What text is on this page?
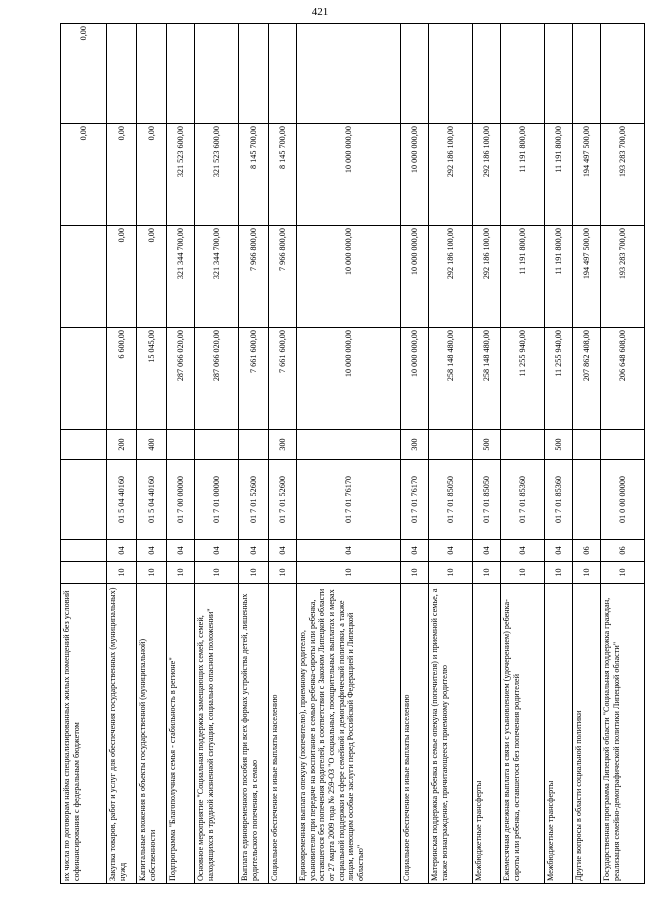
421
их числа по договорам найма специализированных жилых помещений без условий софинансирования с федеральным бюджетом							0,00	0,00
Закупка товаров, работ и услуг для обеспечения государственных (муниципальных) нужд	10	04	01 5 04 40160	200	6 600,00	0,00	0,00	
Капитальные вложения в объекты государственной (муниципальной) собственности	10	04	01 5 04 40160	400	15 045,00	0,00	0,00	
Подпрограмма "Благополучная семья - стабильность в регионе"	10	04	01 7 00 00000		287 066 020,00	321 344 700,00	321 523 600,00	
Основное мероприятие "Социальная поддержка замещающих семей, семей, находящихся в трудной жизненной ситуации, социально опасном положении"	10	04	01 7 01 00000		287 066 020,00	321 344 700,00	321 523 600,00	
Выплата единовременного пособия при всех формах устройства детей, лишенных родительского попечения, в семью	10	04	01 7 01 52600		7 661 600,00	7 966 800,00	8 145 700,00	
Социальное обеспечение и иные выплаты населению	10	04	01 7 01 52600	300	7 661 600,00	7 966 800,00	8 145 700,00	
Единовременная выплата опекуну (попечителю), приемному родителю, усыновителю при передаче на воспитание в семью ребенка-сироты или ребенка, оставшегося без попечения родителей, в соответствии с Законом Липецкой области от 27 марта 2009 года № 259-ОЗ "О социальных, поощрительных выплатах и мерах социальной поддержки в сфере семейной и демографической политики, а также лицам, имеющим особые заслуги перед Российской Федерацией и Липецкой областью"	10	04	01 7 01 76170		10 000 000,00	10 000 000,00	10 000 000,00	
Социальное обеспечение и иные выплаты населению	10	04	01 7 01 76170	300	10 000 000,00	10 000 000,00	10 000 000,00	
Материнская поддержка ребенка в семье опекуна (попечителя) и приемной семье, а также вознаграждение, причитающееся приемному родителю	10	04	01 7 01 85050		258 148 480,00	292 186 100,00	292 186 100,00	
Межбюджетные трансферты	10	04	01 7 01 85050	500	258 148 480,00	292 186 100,00	292 186 100,00	
Ежемесячная денежная выплата в связи с усыновлением (удочерением) ребенка-сироты или ребенка, оставшегося без попечения родителей	10	04	01 7 01 85360		11 255 940,00	11 191 800,00	11 191 800,00	
Межбюджетные трансферты	10	04	01 7 01 85360	500	11 255 940,00	11 191 800,00	11 191 800,00	
Другие вопросы в области социальной политики	10	06			207 862 408,00	194 497 500,00	194 497 500,00	
Государственная программа Липецкой области "Социальная поддержка граждан, реализация семейно-демографической политики Липецкой области"	10	06	01 0 00 00000		206 648 608,00	193 283 700,00	193 283 700,00	
